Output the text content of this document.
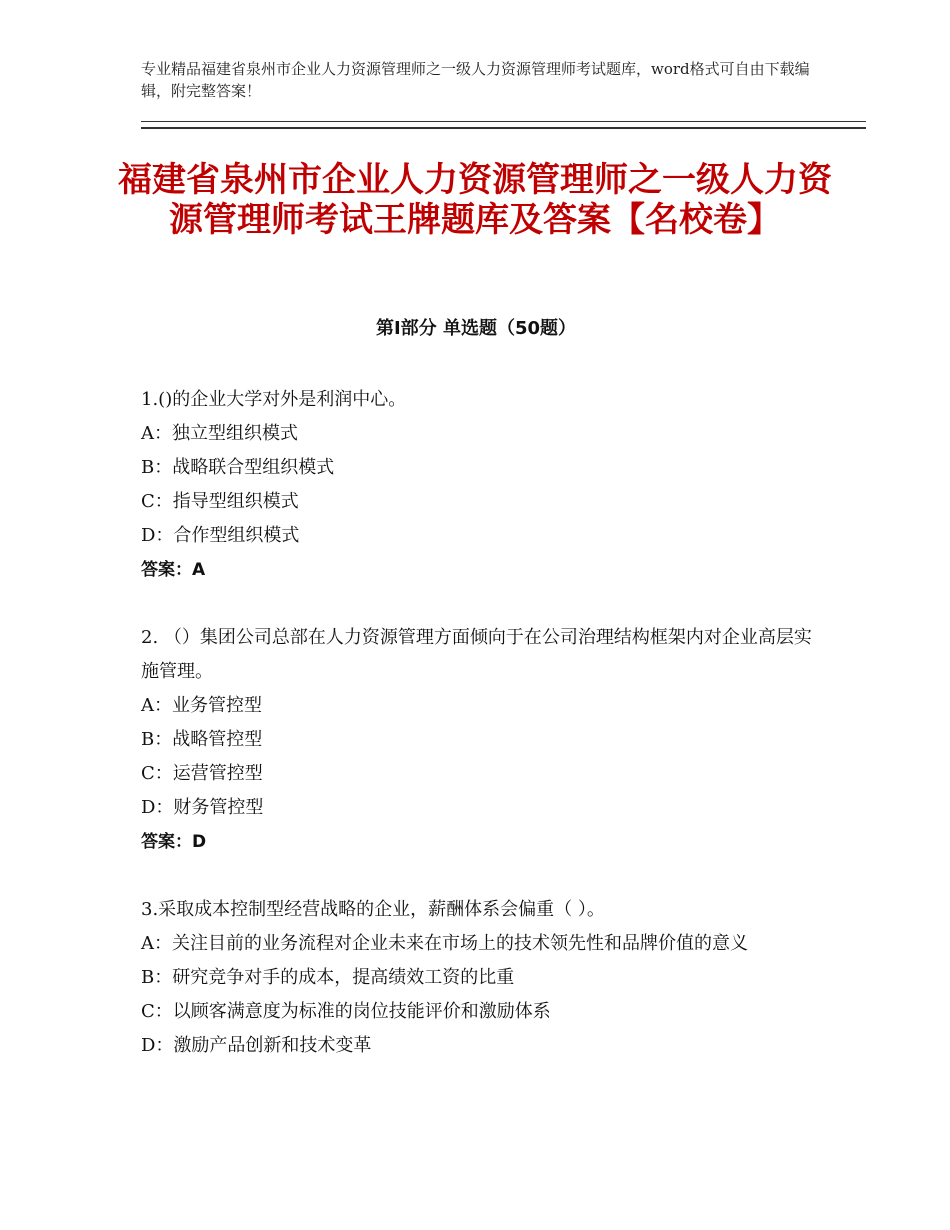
专业精品福建省泉州市企业人力资源管理师之一级人力资源管理师考试题库，word格式可自由下载编辑，附完整答案！
福建省泉州市企业人力资源管理师之一级人力资源管理师考试王牌题库及答案【名校卷】
第Ⅰ部分 单选题（50题）

1.()的企业大学对外是利润中心。

A：独立型组织模式

B：战略联合型组织模式

C：指导型组织模式

D：合作型组织模式

答案：A

2. （）集团公司总部在人力资源管理方面倾向于在公司治理结构框架内对企业高层实施管理。

A：业务管控型

B：战略管控型

C：运营管控型

D：财务管控型

答案：D

3.采取成本控制型经营战略的企业，薪酬体系会偏重（ ）。

A：关注目前的业务流程对企业未来在市场上的技术领先性和品牌价值的意义

B：研究竞争对手的成本，提高绩效工资的比重

C：以顾客满意度为标准的岗位技能评价和激励体系

D：激励产品创新和技术变革
